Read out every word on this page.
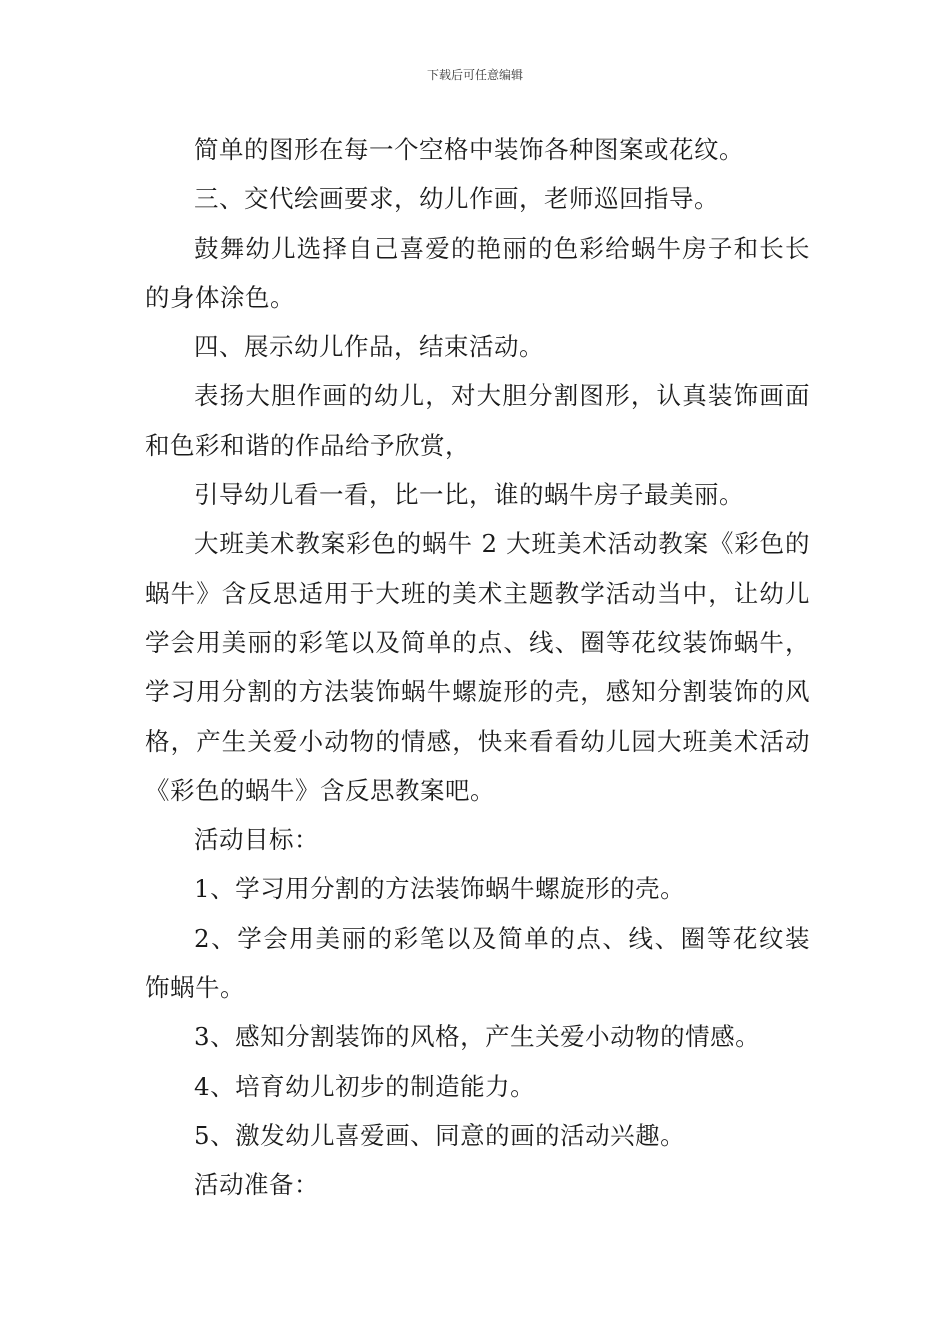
下载后可任意编辑

简单的图形在每一个空格中装饰各种图案或花纹。

三、交代绘画要求，幼儿作画，老师巡回指导。

鼓舞幼儿选择自己喜爱的艳丽的色彩给蜗牛房子和长长的身体涂色。

四、展示幼儿作品，结束活动。

表扬大胆作画的幼儿，对大胆分割图形，认真装饰画面和色彩和谐的作品给予欣赏，

引导幼儿看一看，比一比，谁的蜗牛房子最美丽。

大班美术教案彩色的蜗牛 2 大班美术活动教案《彩色的蜗牛》含反思适用于大班的美术主题教学活动当中，让幼儿学会用美丽的彩笔以及简单的点、线、圈等花纹装饰蜗牛，学习用分割的方法装饰蜗牛螺旋形的壳，感知分割装饰的风格，产生关爱小动物的情感，快来看看幼儿园大班美术活动《彩色的蜗牛》含反思教案吧。

活动目标：

1、学习用分割的方法装饰蜗牛螺旋形的壳。

2、学会用美丽的彩笔以及简单的点、线、圈等花纹装饰蜗牛。

3、感知分割装饰的风格，产生关爱小动物的情感。

4、培育幼儿初步的制造能力。

5、激发幼儿喜爱画、同意的画的活动兴趣。

活动准备：
